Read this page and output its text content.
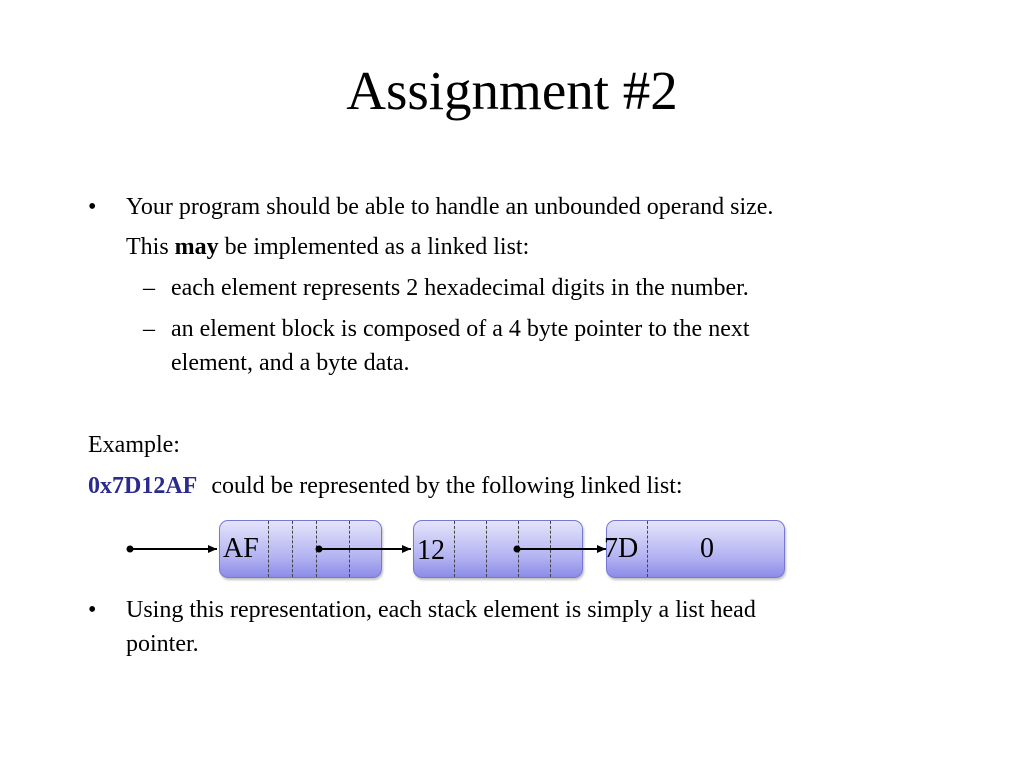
Assignment #2
• Your program should be able to handle an unbounded operand size.
This may be implemented as a linked list:
– each element represents 2 hexadecimal digits in the number.
– an element block is composed of a 4 byte pointer to the next
element, and a byte data.
Example:
0x7D12AF could be represented by the following linked list:
AF	12	7D 0
• Using this representation, each stack element is simply a list head
pointer.
